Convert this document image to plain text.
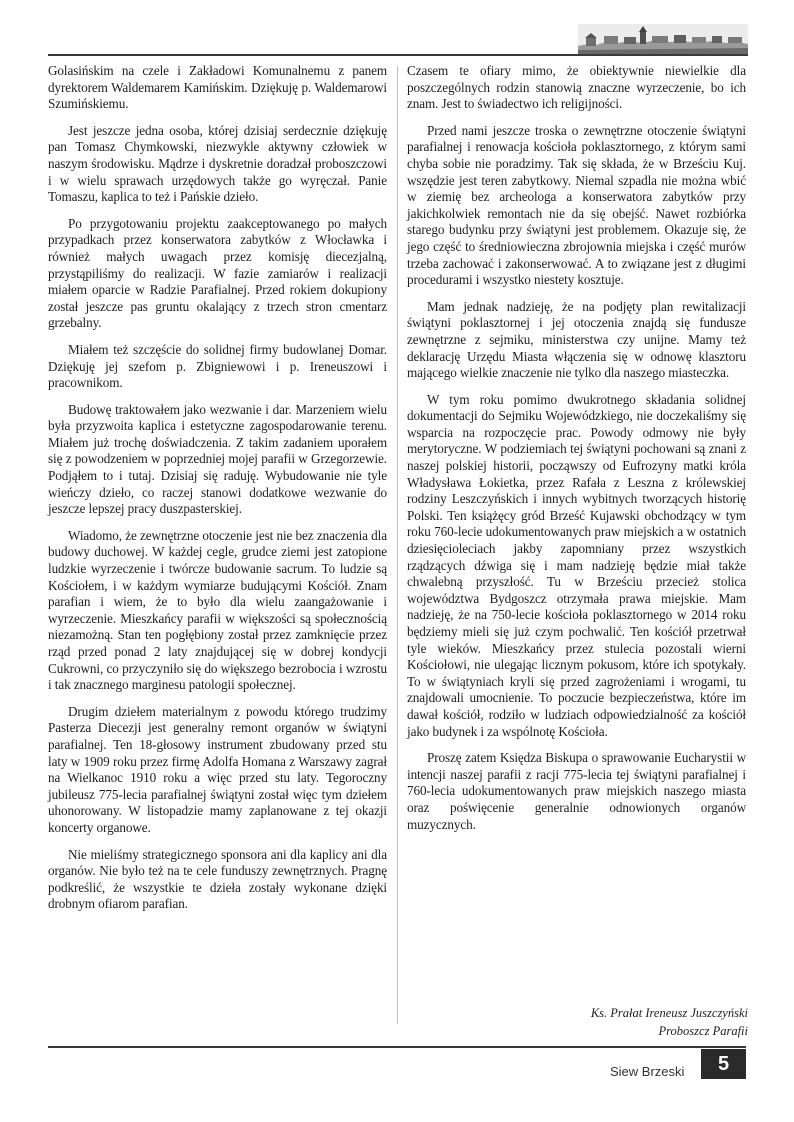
Golasińskim na czele i Zakładowi Komunalnemu z panem dyrektorem Waldemarem Kamińskim. Dziękuję p. Waldemarowi Szumińskiemu.

Jest jeszcze jedna osoba, której dzisiaj serdecznie dziękuję pan Tomasz Chymkowski, niezwykle aktywny człowiek w naszym środowisku. Mądrze i dyskretnie doradzał proboszczowi i w wielu sprawach urzędowych także go wyręczał. Panie Tomaszu, kaplica to też i Pańskie dzieło.

Po przygotowaniu projektu zaakceptowanego po małych przypadkach przez konserwatora zabytków z Włocławka i również małych uwagach przez komisję diecezjalną, przystąpiliśmy do realizacji. W fazie zamiarów i realizacji miałem oparcie w Radzie Parafialnej. Przed rokiem dokupiony został jeszcze pas gruntu okalający z trzech stron cmentarz grzebalny.

Miałem też szczęście do solidnej firmy budowlanej Domar. Dziękuję jej szefom p. Zbigniewowi i p. Ireneuszowi i pracownikom.

Budowę traktowałem jako wezwanie i dar. Marzeniem wielu była przyzwoita kaplica i estetyczne zagospodarowanie terenu. Miałem już trochę doświadczenia. Z takim zadaniem uporałem się z powodzeniem w poprzedniej mojej parafii w Grzegorzewie. Podjąłem to i tutaj. Dzisiaj się raduję. Wybudowanie nie tyle wieńczy dzieło, co raczej stanowi dodatkowe wezwanie do jeszcze lepszej pracy duszpasterskiej.

Wiadomo, że zewnętrzne otoczenie jest nie bez znaczenia dla budowy duchowej. W każdej cegle, grudce ziemi jest zatopione ludzkie wyrzeczenie i twórcze budowanie sacrum. To ludzie są Kościołem, i w każdym wymiarze budującymi Kościół. Znam parafian i wiem, że to było dla wielu zaangażowanie i wyrzeczenie. Mieszkańcy parafii w większości są społecznością niezamożną. Stan ten pogłębiony został przez zamknięcie przez rząd przed ponad 2 laty znajdującej się w dobrej kondycji Cukrowni, co przyczyniło się do większego bezrobocia i wzrostu i tak znacznego marginesu patologii społecznej.

Drugim dziełem materialnym z powodu którego trudzimy Pasterza Diecezji jest generalny remont organów w świątyni parafialnej. Ten 18-głosowy instrument zbudowany przed stu laty w 1909 roku przez firmę Adolfa Homana z Warszawy zagrał na Wielkanoc 1910 roku a więc przed stu laty. Tegoroczny jubileusz 775-lecia parafialnej świątyni został więc tym dziełem uhonorowany. W listopadzie mamy zaplanowane z tej okazji koncerty organowe.

Nie mieliśmy strategicznego sponsora ani dla kaplicy ani dla organów. Nie było też na te cele funduszy zewnętrznych. Pragnę podkreślić, że wszystkie te dzieła zostały wykonane dzięki drobnym ofiarom parafian.

Czasem te ofiary mimo, że obiektywnie niewielkie dla poszczególnych rodzin stanowią znaczne wyrzeczenie, bo ich znam. Jest to świadectwo ich religijności.

Przed nami jeszcze troska o zewnętrzne otoczenie świątyni parafialnej i renowacja kościoła poklasztornego, z którym sami chyba sobie nie poradzimy. Tak się składa, że w Brześciu Kuj. wszędzie jest teren zabytkowy. Niemal szpadla nie można wbić w ziemię bez archeologa a konserwatora zabytków przy jakichkolwiek remontach nie da się obejść. Nawet rozbiórka starego budynku przy świątyni jest problemem. Okazuje się, że jego część to średniowieczna zbrojownia miejska i część murów trzeba zachować i zakonserwować. A to związane jest z długimi procedurami i wszystko niestety kosztuje.

Mam jednak nadzieję, że na podjęty plan rewitalizacji świątyni poklasztornej i jej otoczenia znajdą się fundusze zewnętrzne z sejmiku, ministerstwa czy unijne. Mamy też deklarację Urzędu Miasta włączenia się w odnowę klasztoru mającego wielkie znaczenie nie tylko dla naszego miasteczka.

W tym roku pomimo dwukrotnego składania solidnej dokumentacji do Sejmiku Wojewódzkiego, nie doczekaliśmy się wsparcia na rozpoczęcie prac. Powody odmowy nie były merytoryczne. W podziemiach tej świątyni pochowani są znani z naszej polskiej historii, począwszy od Eufrozyny matki króla Władysława Łokietka, przez Rafała z Leszna z królewskiej rodziny Leszczyńskich i innych wybitnych tworzących historię Polski. Ten książęcy gród Brześć Kujawski obchodzący w tym roku 760-lecie udokumentowanych praw miejskich a w ostatnich dziesięcioleciach jakby zapomniany przez wszystkich rządzących dźwiga się i mam nadzieję będzie miał także chwalebną przyszłość. Tu w Brześciu przecież stolica województwa Bydgoszcz otrzymała prawa miejskie. Mam nadzieję, że na 750-lecie kościoła poklasztornego w 2014 roku będziemy mieli się już czym pochwalić. Ten kościół przetrwał tyle wieków. Mieszkańcy przez stulecia pozostali wierni Kościołowi, nie ulegając licznym pokusom, które ich spotykały. To w świątyniach kryli się przed zagrożeniami i wrogami, tu znajdowali umocnienie. To poczucie bezpieczeństwa, które im dawał kościół, rodziło w ludziach odpowiedzialność za kościół jako budynek i za wspólnotę Kościoła.

Proszę zatem Księdza Biskupa o sprawowanie Eucharystii w intencji naszej parafii z racji 775-lecia tej świątyni parafialnej i 760-lecia udokumentowanych praw miejskich naszego miasta oraz poświęcenie generalnie odnowionych organów muzycznych.

Ks. Prałat Ireneusz Juszczyński
Proboszcz Parafii
Siew Brzeski	5
